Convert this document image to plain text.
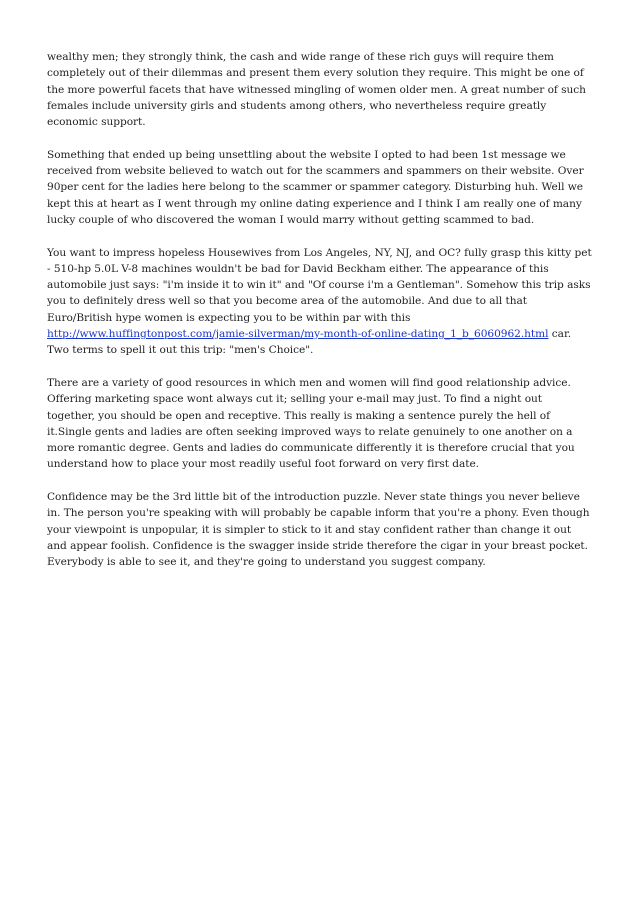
wealthy men; they strongly think, the cash and wide range of these rich guys will require them completely out of their dilemmas and present them every solution they require. This might be one of the more powerful facets that have witnessed mingling of women older men. A great number of such females include university girls and students among others, who nevertheless require greatly economic support.

Something that ended up being unsettling about the website I opted to had been 1st message we received from website believed to watch out for the scammers and spammers on their website. Over 90per cent for the ladies here belong to the scammer or spammer category. Disturbing huh. Well we kept this at heart as I went through my online dating experience and I think I am really one of many lucky couple of who discovered the woman I would marry without getting scammed to bad.

You want to impress hopeless Housewives from Los Angeles, NY, NJ, and OC? fully grasp this kitty pet - 510-hp 5.0L V-8 machines wouldn't be bad for David Beckham either. The appearance of this automobile just says: "i'm inside it to win it" and "Of course i'm a Gentleman". Somehow this trip asks you to definitely dress well so that you become area of the automobile. And due to all that Euro/British hype women is expecting you to be within par with this http://www.huffingtonpost.com/jamie-silverman/my-month-of-online-dating_1_b_6060962.html car. Two terms to spell it out this trip: "men's Choice".

There are a variety of good resources in which men and women will find good relationship advice. Offering marketing space wont always cut it; selling your e-mail may just. To find a night out together, you should be open and receptive. This really is making a sentence purely the hell of it.Single gents and ladies are often seeking improved ways to relate genuinely to one another on a more romantic degree. Gents and ladies do communicate differently it is therefore crucial that you understand how to place your most readily useful foot forward on very first date.

Confidence may be the 3rd little bit of the introduction puzzle. Never state things you never believe in. The person you're speaking with will probably be capable inform that you're a phony. Even though your viewpoint is unpopular, it is simpler to stick to it and stay confident rather than change it out and appear foolish. Confidence is the swagger inside stride therefore the cigar in your breast pocket. Everybody is able to see it, and they're going to understand you suggest company.
